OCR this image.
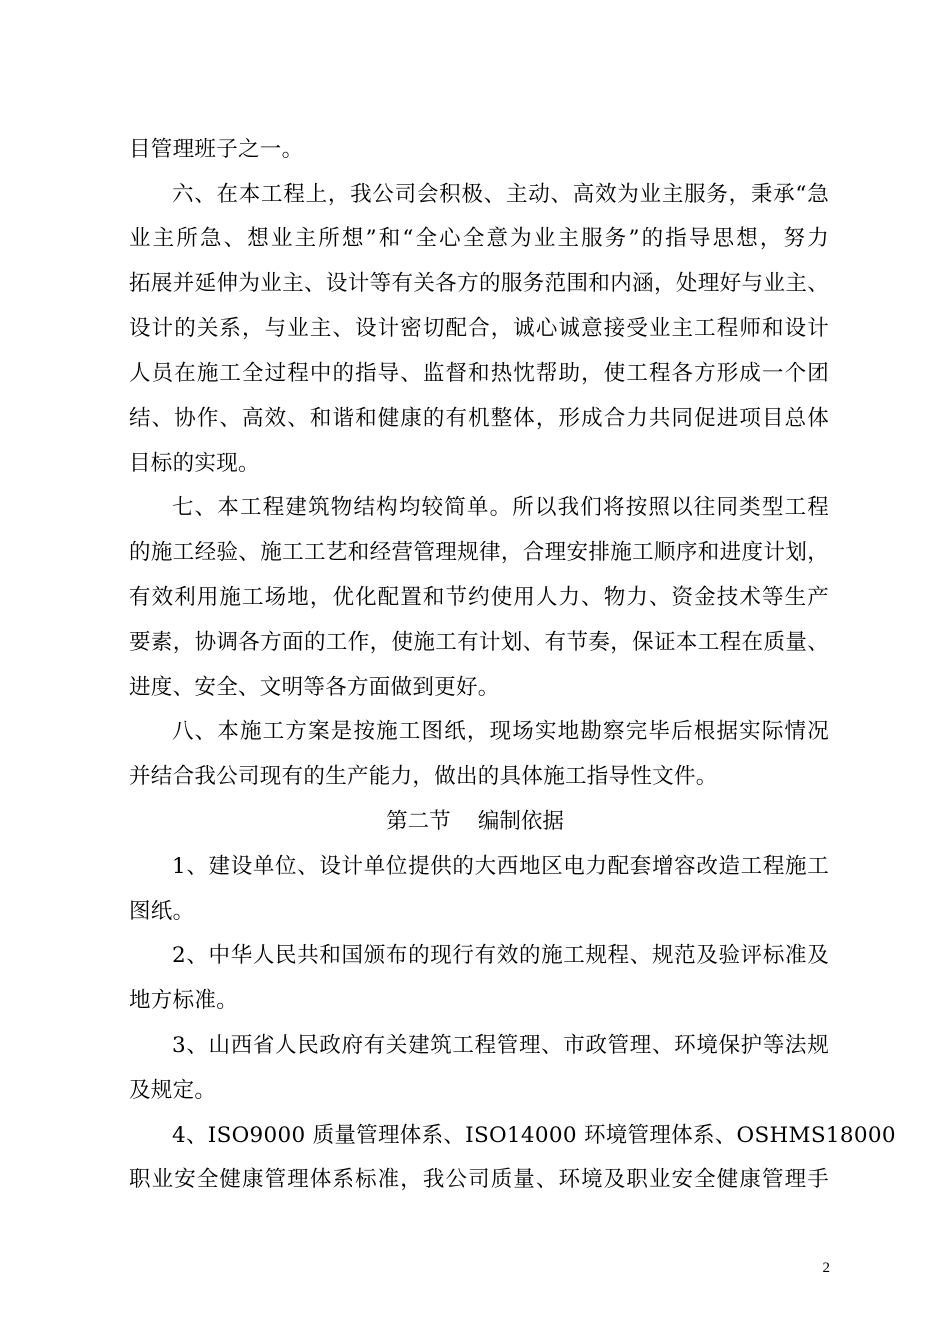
目管理班子之一。
六、在本工程上，我公司会积极、主动、高效为业主服务，秉承“急
业主所急、想业主所想”和“全心全意为业主服务”的指导思想，努力
拓展并延伸为业主、设计等有关各方的服务范围和内涵，处理好与业主、
设计的关系，与业主、设计密切配合，诚心诚意接受业主工程师和设计
人员在施工全过程中的指导、监督和热忱帮助，使工程各方形成一个团
结、协作、高效、和谐和健康的有机整体，形成合力共同促进项目总体
目标的实现。
七、本工程建筑物结构均较简单。所以我们将按照以往同类型工程
的施工经验、施工工艺和经营管理规律，合理安排施工顺序和进度计划，
有效利用施工场地，优化配置和节约使用人力、物力、资金技术等生产
要素，协调各方面的工作，使施工有计划、有节奏，保证本工程在质量、
进度、安全、文明等各方面做到更好。
八、本施工方案是按施工图纸，现场实地勘察完毕后根据实际情况
并结合我公司现有的生产能力，做出的具体施工指导性文件。
第二节    编制依据
1、建设单位、设计单位提供的大西地区电力配套增容改造工程施工
图纸。
2、中华人民共和国颁布的现行有效的施工规程、规范及验评标准及
地方标准。
3、山西省人民政府有关建筑工程管理、市政管理、环境保护等法规
及规定。
4、ISO9000 质量管理体系、ISO14000 环境管理体系、OSHMS18000
职业安全健康管理体系标准，我公司质量、环境及职业安全健康管理手
2
